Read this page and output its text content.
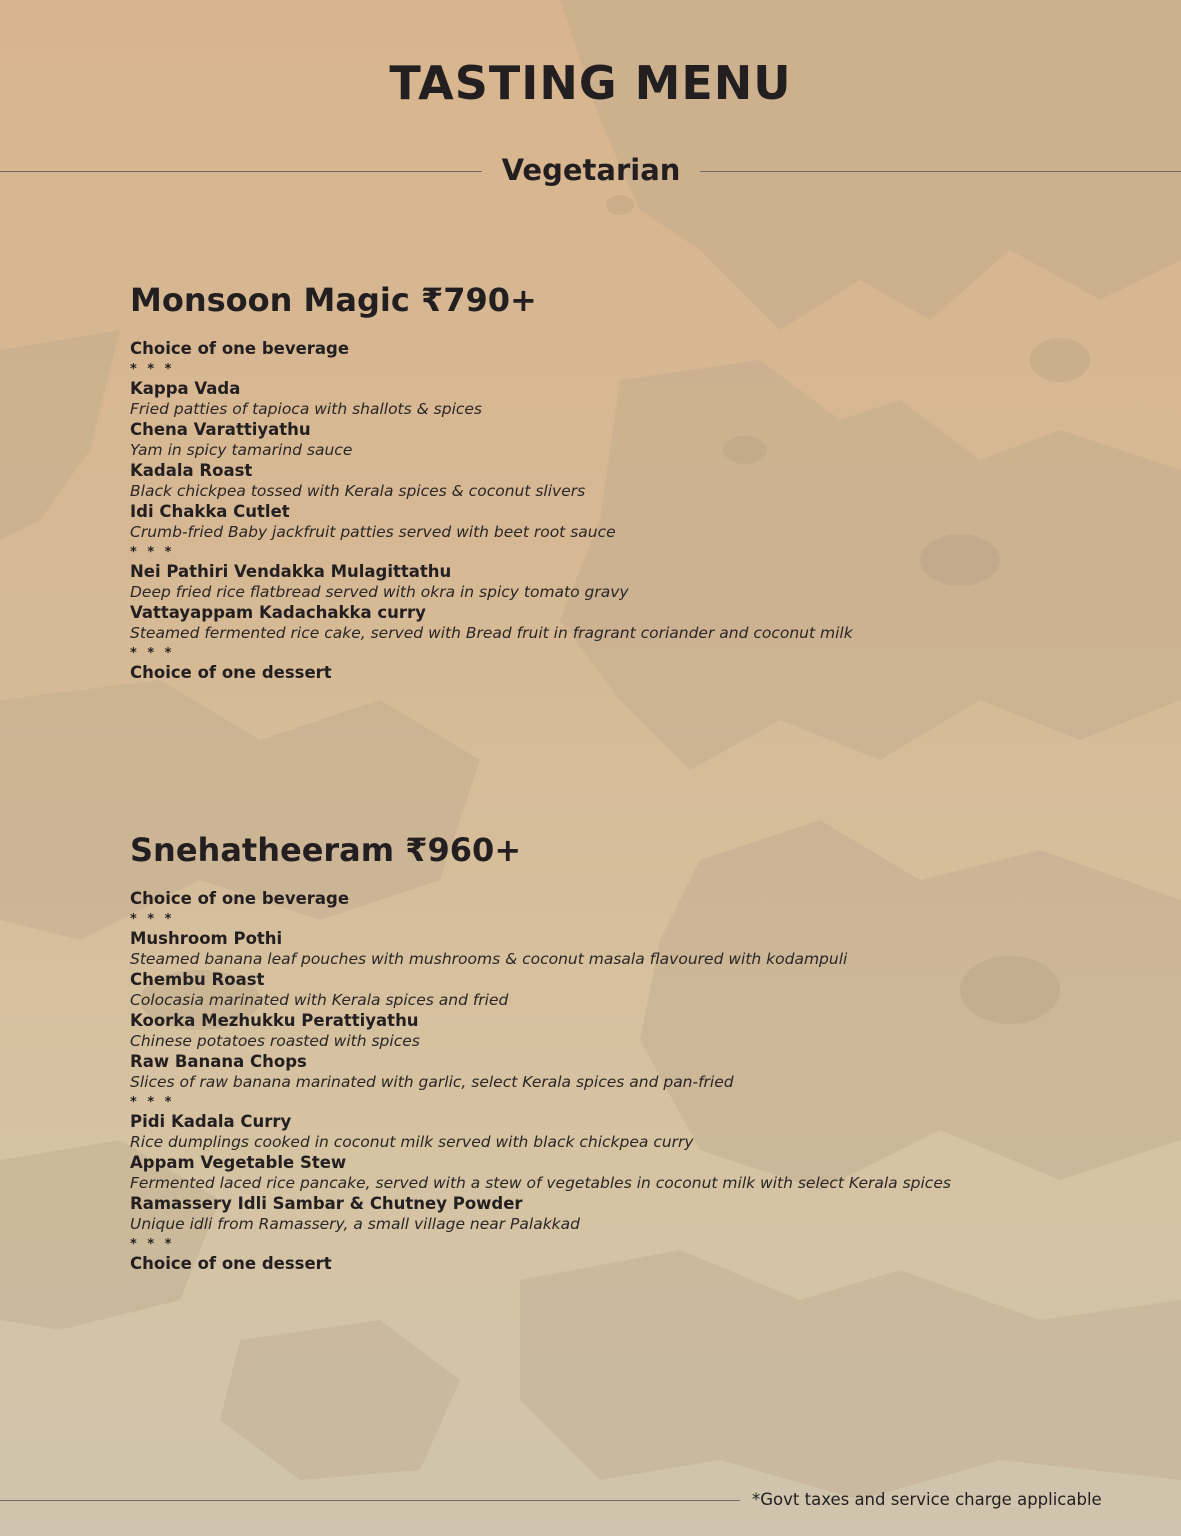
TASTING MENU
Vegetarian
Monsoon Magic ₹790+
Choice of one beverage
* * *
Kappa Vada
Fried patties of tapioca with shallots & spices
Chena Varattiyathu
Yam in spicy tamarind sauce
Kadala Roast
Black chickpea tossed with Kerala spices & coconut slivers
Idi Chakka Cutlet
Crumb-fried Baby jackfruit patties served with beet root sauce
* * *
Nei Pathiri Vendakka Mulagittathu
Deep fried rice flatbread served with okra in spicy tomato gravy
Vattayappam Kadachakka curry
Steamed fermented rice cake, served with Bread fruit in fragrant coriander and coconut milk
* * *
Choice of one dessert
Snehatheeram ₹960+
Choice of one beverage
* * *
Mushroom Pothi
Steamed banana leaf pouches with mushrooms & coconut masala flavoured with kodampuli
Chembu Roast
Colocasia marinated with Kerala spices and fried
Koorka Mezhukku Perattiyathu
Chinese potatoes roasted with spices
Raw Banana Chops
Slices of raw banana marinated with garlic, select Kerala spices and pan-fried
* * *
Pidi Kadala Curry
Rice dumplings cooked in coconut milk served with black chickpea curry
Appam Vegetable Stew
Fermented laced rice pancake, served with a stew of vegetables in coconut milk with select Kerala spices
Ramassery Idli Sambar & Chutney Powder
Unique idli from Ramassery, a small village near Palakkad
* * *
Choice of one dessert
*Govt taxes and service charge applicable
